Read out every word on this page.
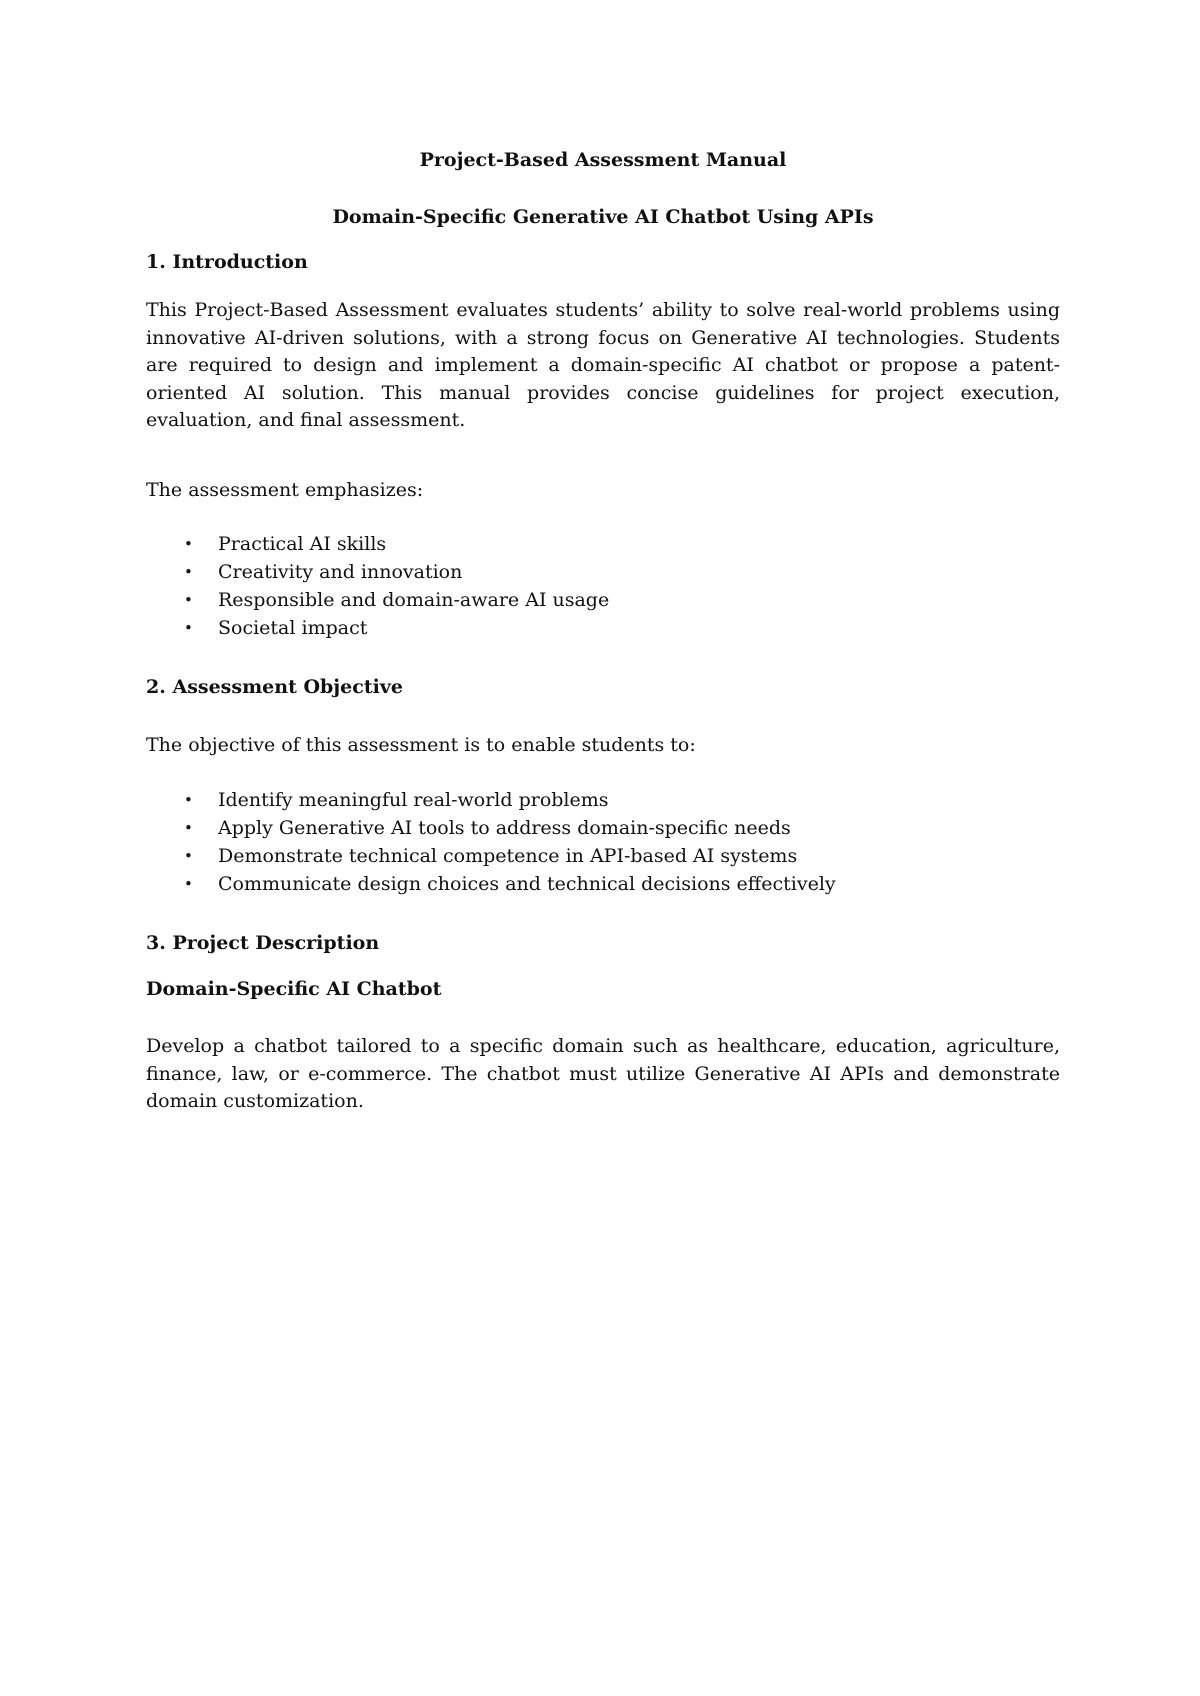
Project-Based Assessment Manual
Domain-Specific Generative AI Chatbot Using APIs
1. Introduction
This Project-Based Assessment evaluates students’ ability to solve real-world problems using innovative AI-driven solutions, with a strong focus on Generative AI technologies. Students are required to design and implement a domain-specific AI chatbot or propose a patent-oriented AI solution. This manual provides concise guidelines for project execution, evaluation, and final assessment.
The assessment emphasizes:
• Practical AI skills
• Creativity and innovation
• Responsible and domain-aware AI usage
• Societal impact
2. Assessment Objective
The objective of this assessment is to enable students to:
• Identify meaningful real-world problems
• Apply Generative AI tools to address domain-specific needs
• Demonstrate technical competence in API-based AI systems
• Communicate design choices and technical decisions effectively
3. Project Description
Domain-Specific AI Chatbot
Develop a chatbot tailored to a specific domain such as healthcare, education, agriculture, finance, law, or e-commerce. The chatbot must utilize Generative AI APIs and demonstrate domain customization.
